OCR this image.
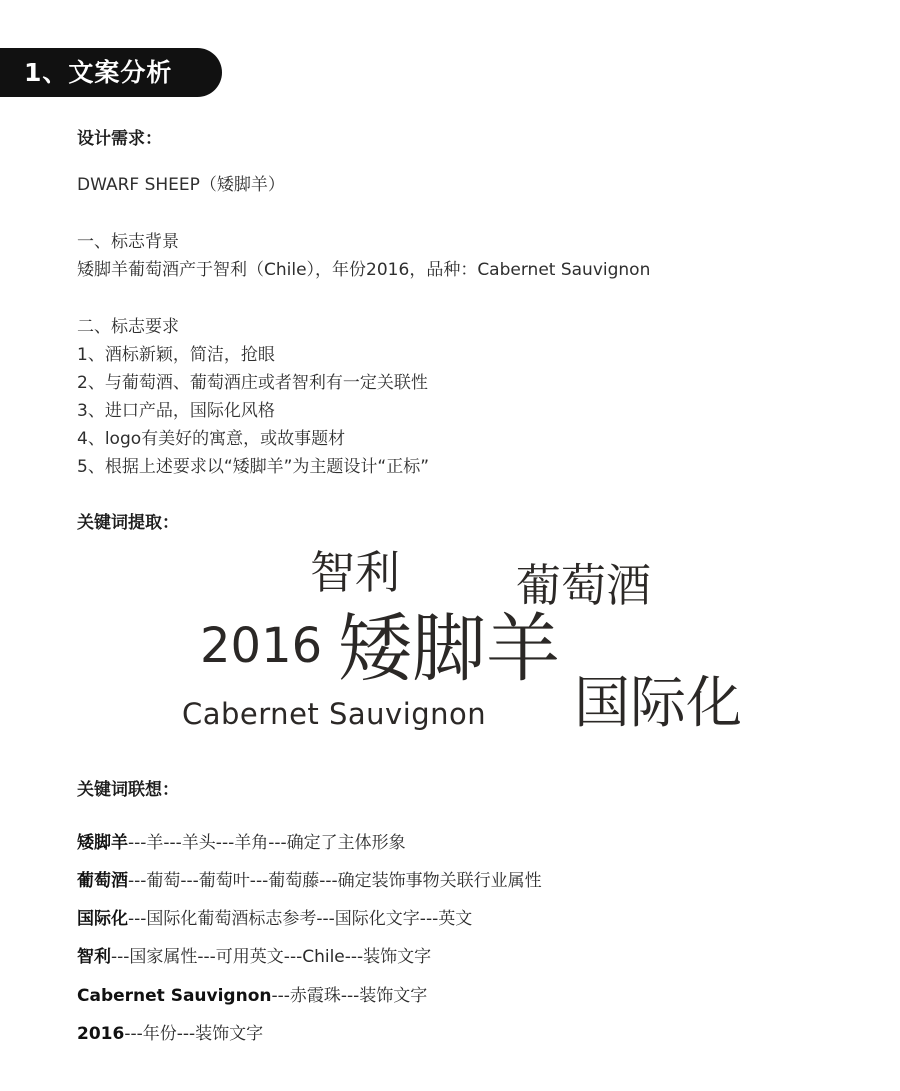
1、文案分析
设计需求：
DWARF SHEEP（矮脚羊）
一、标志背景
矮脚羊葡萄酒产于智利（Chile），年份2016，品种：Cabernet Sauvignon
二、标志要求
1、酒标新颖，简洁，抢眼
2、与葡萄酒、葡萄酒庄或者智利有一定关联性
3、进口产品，国际化风格
4、logo有美好的寓意，或故事题材
5、根据上述要求以“矮脚羊”为主题设计“正标”
关键词提取：
智利	葡萄酒
2016 矮脚羊
Cabernet Sauvignon 国际化
关键词联想：
矮脚羊---羊---羊头---羊角---确定了主体形象
葡萄酒---葡萄---葡萄叶---葡萄藤---确定装饰事物关联行业属性
国际化---国际化葡萄酒标志参考---国际化文字---英文
智利---国家属性---可用英文---Chile---装饰文字
Cabernet Sauvignon---赤霞珠---装饰文字
2016---年份---装饰文字
